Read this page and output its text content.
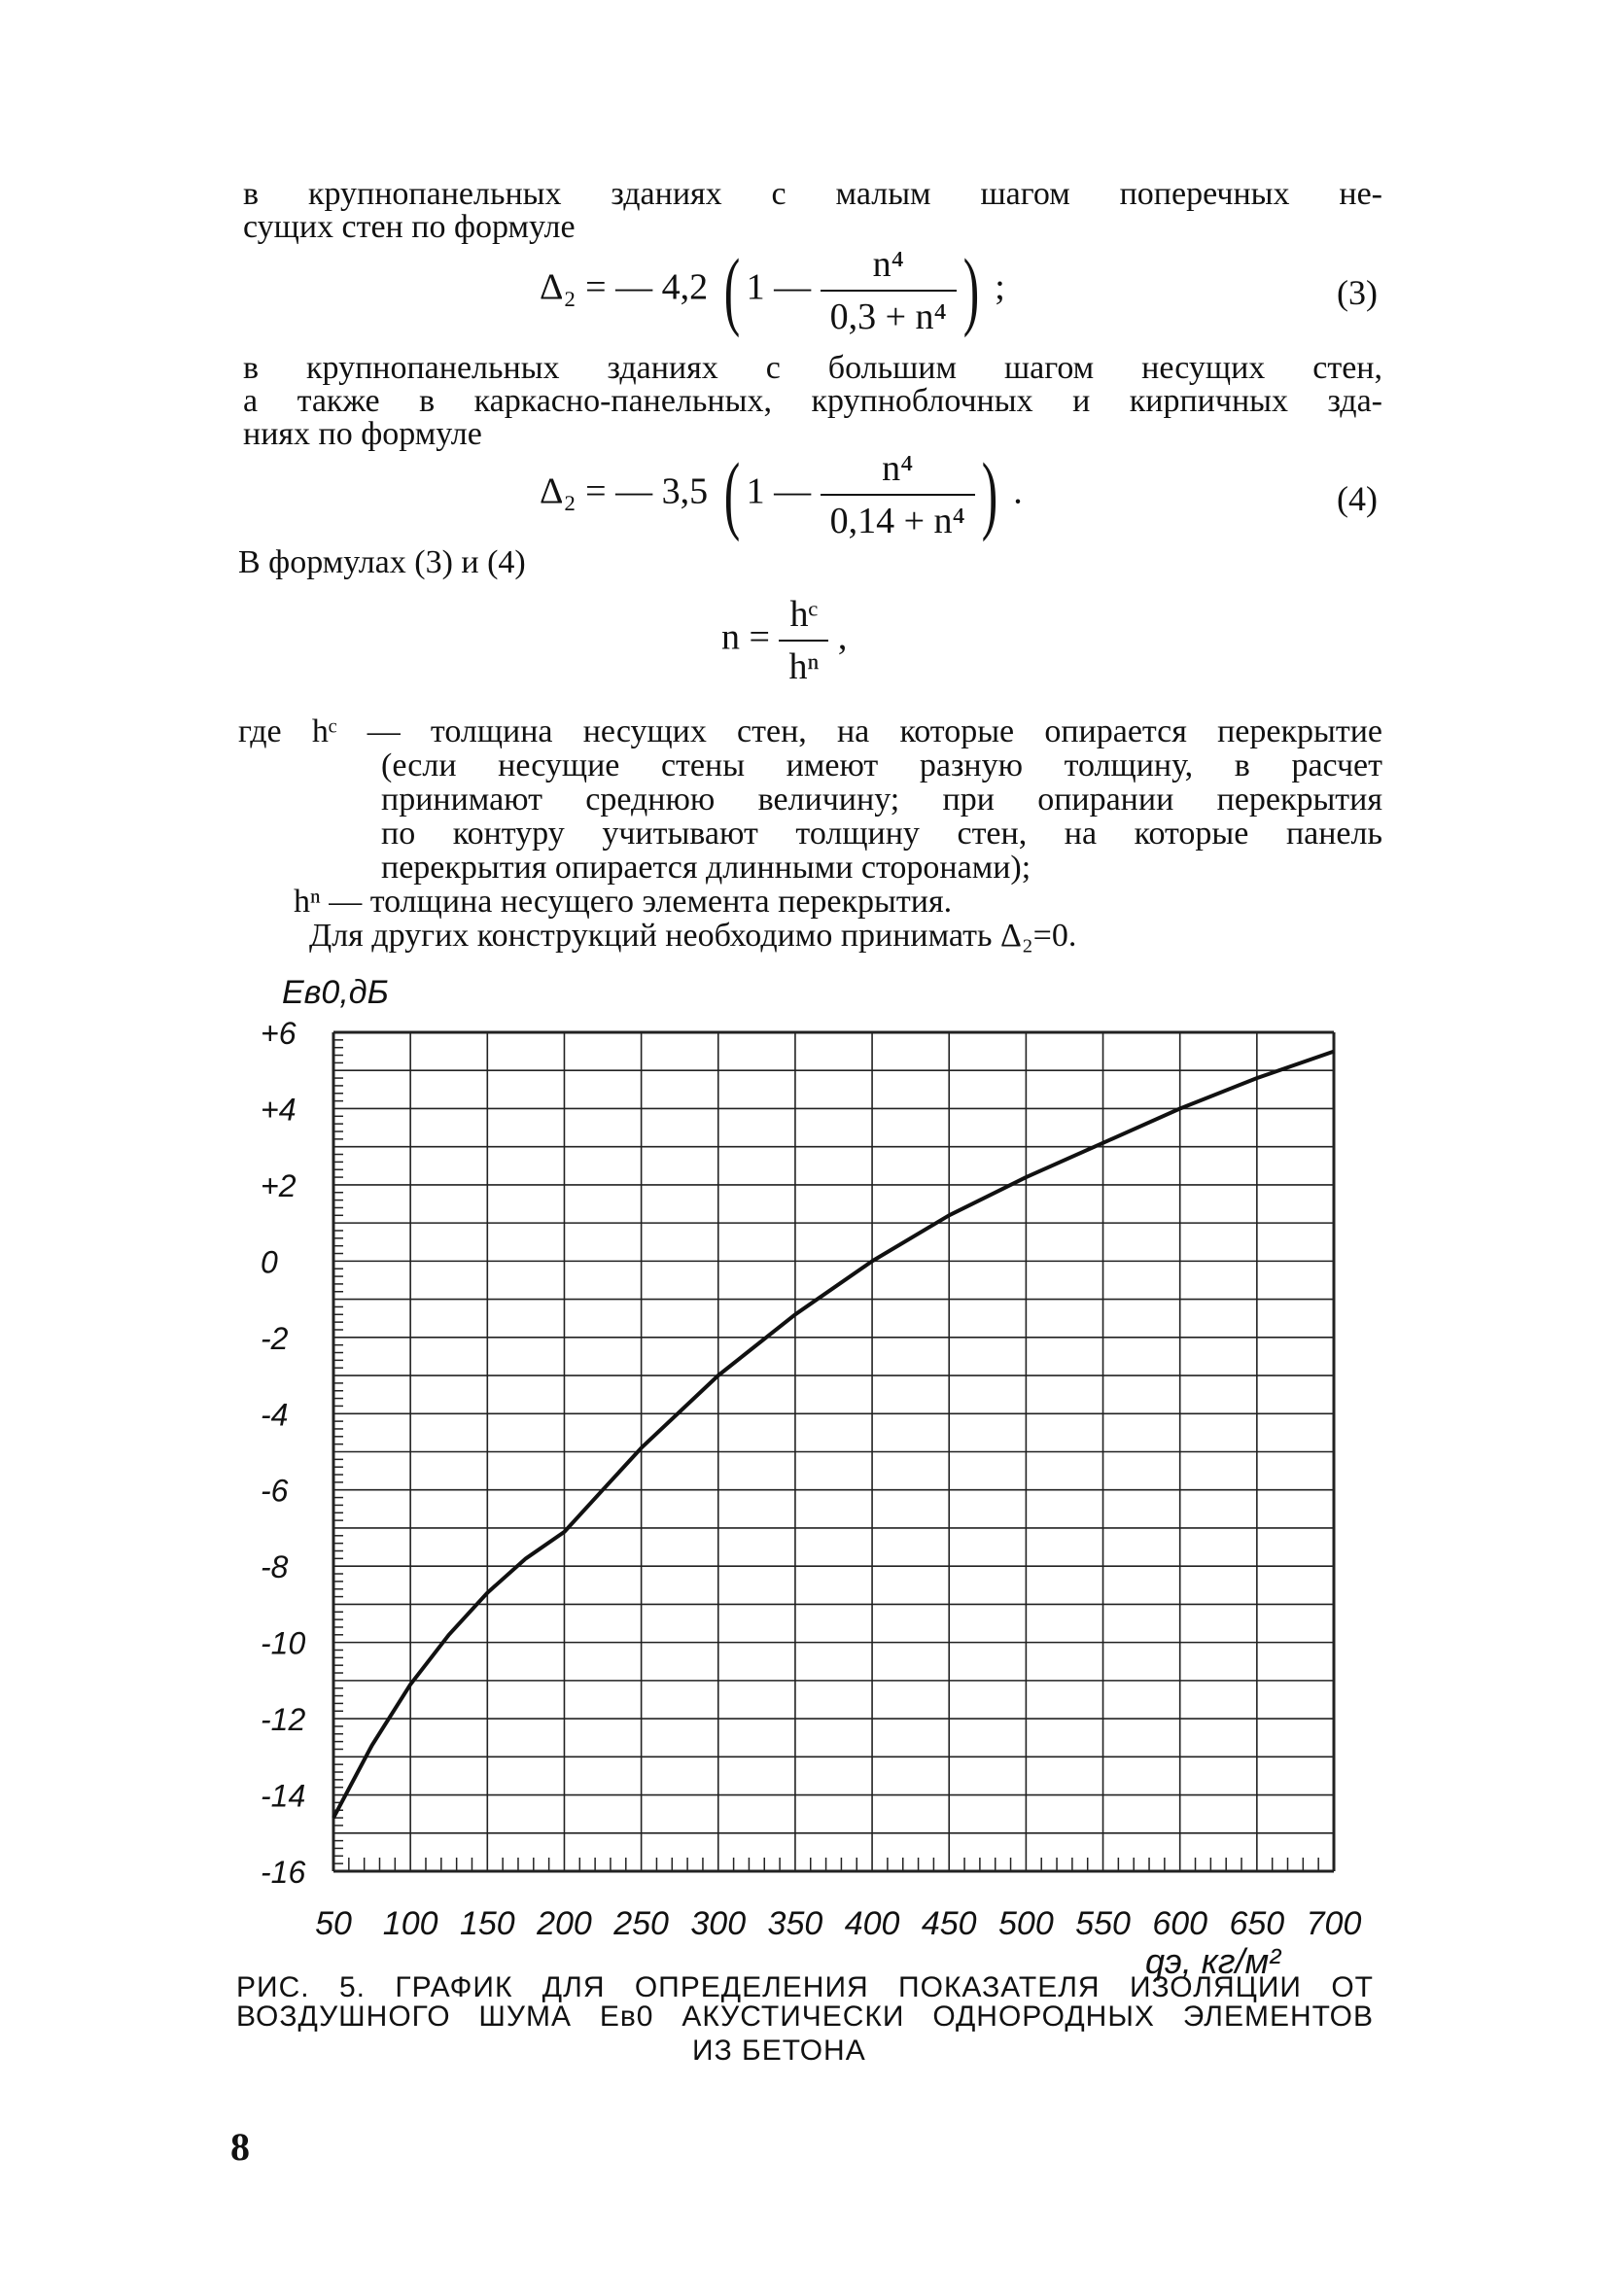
в крупнопанельных зданиях с малым шагом поперечных не-
сущих стен по формуле
Δ₂ = — 4,2 ( 1 — $\frac{\text{n⁴}}{\text{0,3 + n⁴}}$ ) ;	(3)
в крупнопанельных зданиях с большим шагом несущих стен,
а также в каркасно-панельных, крупноблочных и кирпичных зда-
ниях по формуле
Δ₂ = — 3,5 ( 1 — $\frac{\text{n⁴}}{\text{0,14 + n⁴}}$ ) .	(4)
В формулах (3) и (4)
$n = \frac{\text{hᶜ}}{\text{hⁿ}}$ ,
где hᶜ — толщина несущих стен, на которые опирается перекрытие
(если несущие стены имеют разную толщину, в расчет
принимают среднюю величину; при опирании перекрытия
по контуру учитывают толщину стен, на которые панель
перекрытия опирается длинными сторонами);
hⁿ — толщина несущего элемента перекрытия.
Для других конструкций необходимо принимать Δ₂=0.
+6
+4
+2
0
-2
-4
-6
-8
-10
-12
-14
-16
50 100 150 200 250 300 350 400 450 500 550 600 650 700
Eв0,дБ
qэ, кг/м²
РИС. 5. ГРАФИК ДЛЯ ОПРЕДЕЛЕНИЯ ПОКАЗАТЕЛЯ ИЗОЛЯЦИИ ОТ
ВОЗДУШНОГО ШУМА Eв0 АКУСТИЧЕСКИ ОДНОРОДНЫХ ЭЛЕМЕНТОВ
ИЗ БЕТОНА
8
